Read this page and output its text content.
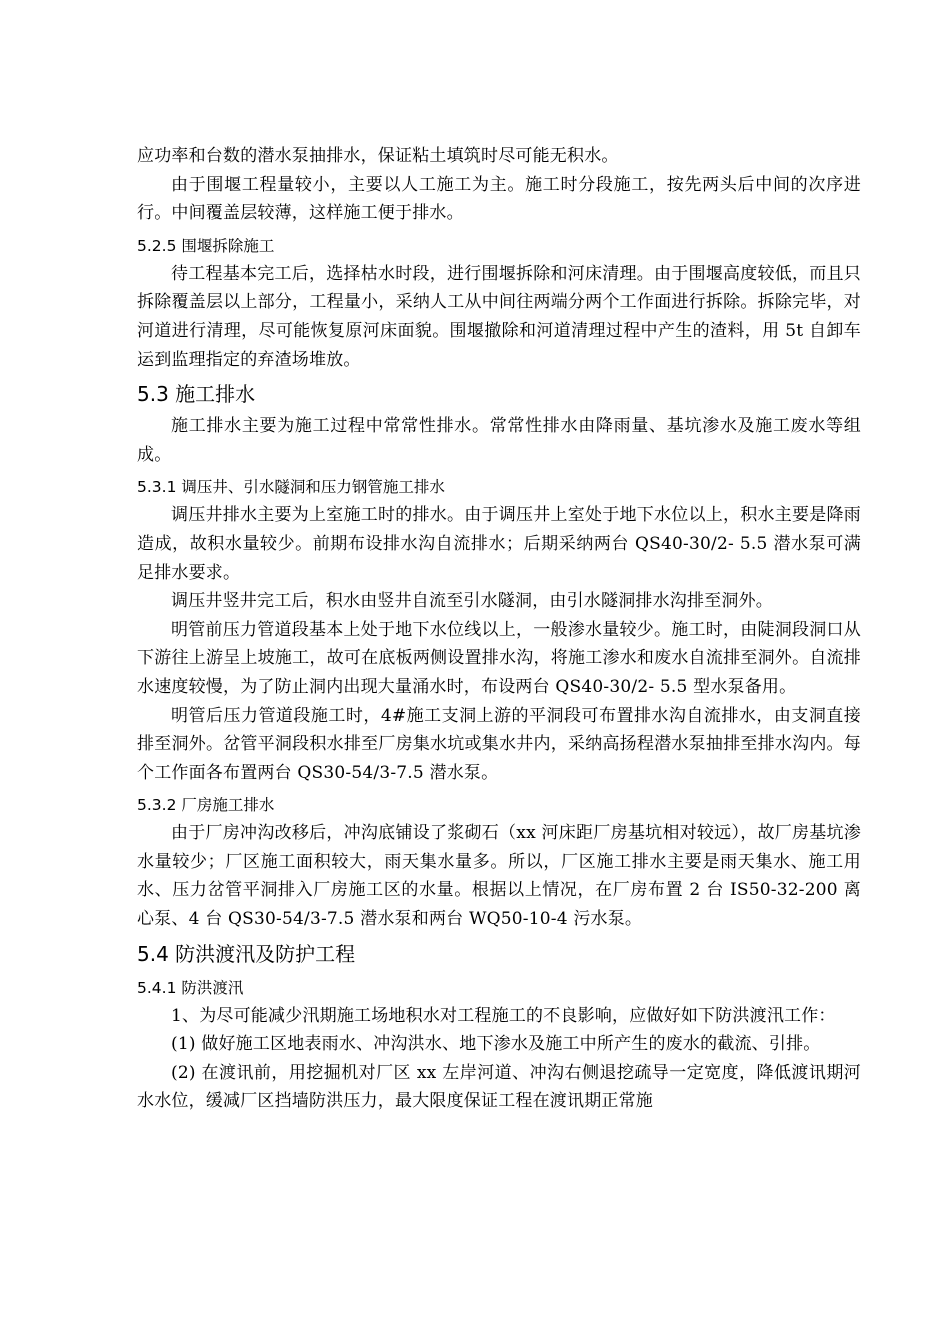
应功率和台数的潜水泵抽排水，保证粘土填筑时尽可能无积水。

由于围堰工程量较小，主要以人工施工为主。施工时分段施工，按先两头后中间的次序进行。中间覆盖层较薄，这样施工便于排水。

5.2.5 围堰拆除施工

待工程基本完工后，选择枯水时段，进行围堰拆除和河床清理。由于围堰高度较低，而且只拆除覆盖层以上部分，工程量小，采纳人工从中间往两端分两个工作面进行拆除。拆除完毕，对河道进行清理，尽可能恢复原河床面貌。围堰撤除和河道清理过程中产生的渣料，用 5t 自卸车运到监理指定的弃渣场堆放。

5.3 施工排水

施工排水主要为施工过程中常常性排水。常常性排水由降雨量、基坑渗水及施工废水等组成。

5.3.1 调压井、引水隧洞和压力钢管施工排水

调压井排水主要为上室施工时的排水。由于调压井上室处于地下水位以上，积水主要是降雨造成，故积水量较少。前期布设排水沟自流排水；后期采纳两台 QS40-30/2- 5.5 潜水泵可满足排水要求。

调压井竖井完工后，积水由竖井自流至引水隧洞，由引水隧洞排水沟排至洞外。

明管前压力管道段基本上处于地下水位线以上，一般渗水量较少。施工时，由陡洞段洞口从下游往上游呈上坡施工，故可在底板两侧设置排水沟，将施工渗水和废水自流排至洞外。自流排水速度较慢，为了防止洞内出现大量涌水时，布设两台 QS40-30/2- 5.5 型水泵备用。

明管后压力管道段施工时，4#施工支洞上游的平洞段可布置排水沟自流排水，由支洞直接排至洞外。岔管平洞段积水排至厂房集水坑或集水井内，采纳高扬程潜水泵抽排至排水沟内。每个工作面各布置两台 QS30-54/3-7.5 潜水泵。

5.3.2 厂房施工排水

由于厂房冲沟改移后，冲沟底铺设了浆砌石（xx 河床距厂房基坑相对较远），故厂房基坑渗水量较少；厂区施工面积较大，雨天集水量多。所以，厂区施工排水主要是雨天集水、施工用水、压力岔管平洞排入厂房施工区的水量。根据以上情况，在厂房布置 2 台 IS50-32-200 离心泵、4 台 QS30-54/3-7.5 潜水泵和两台 WQ50-10-4 污水泵。

5.4 防洪渡汛及防护工程
5.4.1 防洪渡汛

1、为尽可能减少汛期施工场地积水对工程施工的不良影响，应做好如下防洪渡汛工作：

(1) 做好施工区地表雨水、冲沟洪水、地下渗水及施工中所产生的废水的截流、引排。

(2) 在渡讯前，用挖掘机对厂区 xx 左岸河道、冲沟右侧退挖疏导一定宽度，降低渡讯期河水水位，缓减厂区挡墙防洪压力，最大限度保证工程在渡讯期正常施
